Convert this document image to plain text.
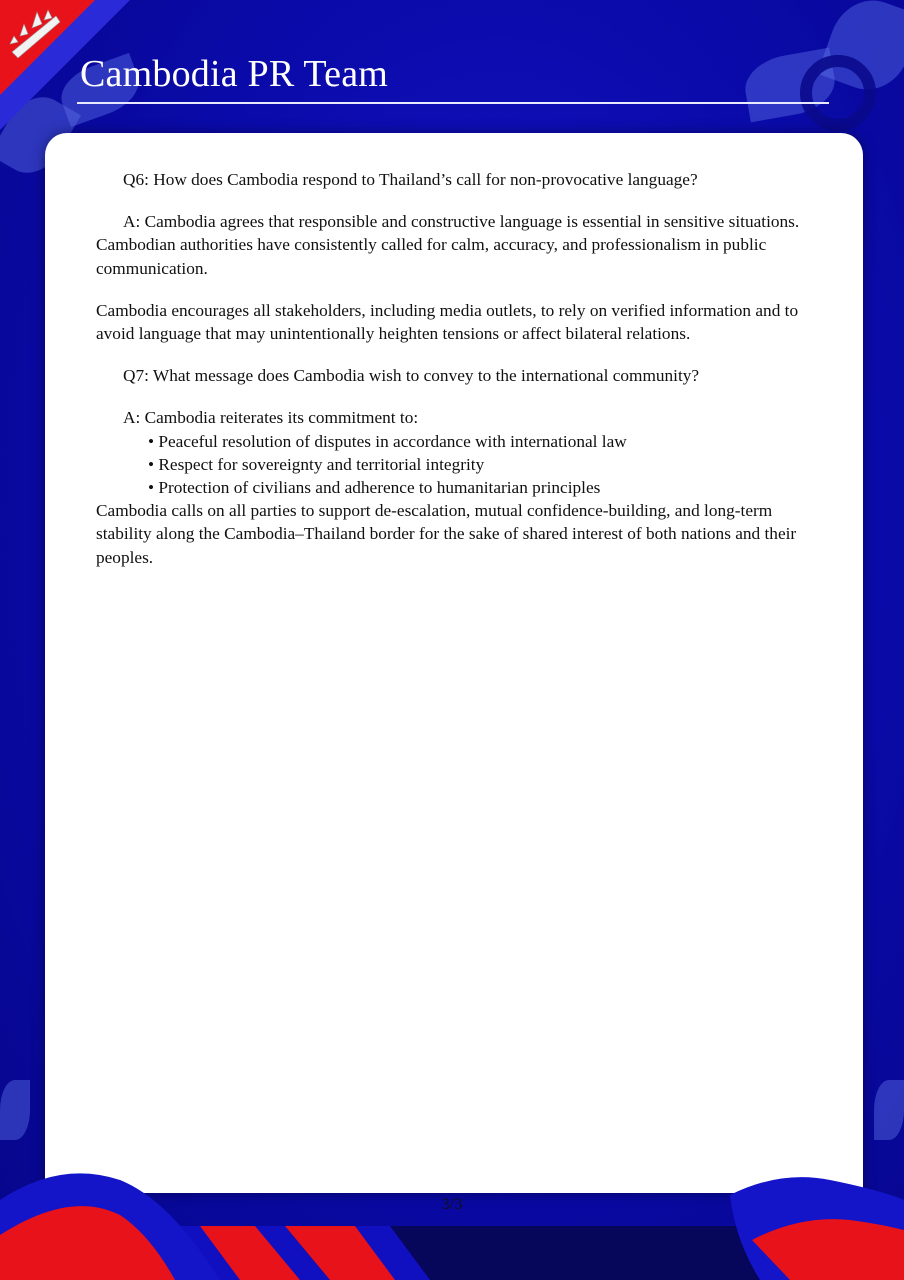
Cambodia PR Team

Q6: How does Cambodia respond to Thailand’s call for non-provocative language?

A: Cambodia agrees that responsible and constructive language is essential in sensitive situations. Cambodian authorities have consistently called for calm, accuracy, and professionalism in public communication.

Cambodia encourages all stakeholders, including media outlets, to rely on verified information and to avoid language that may unintentionally heighten tensions or affect bilateral relations.

Q7: What message does Cambodia wish to convey to the international community?

A: Cambodia reiterates its commitment to:

• Peaceful resolution of disputes in accordance with international law

• Respect for sovereignty and territorial integrity

• Protection of civilians and adherence to humanitarian principles

Cambodia calls on all parties to support de-escalation, mutual confidence-building, and long-term stability along the Cambodia–Thailand border for the sake of shared interest of both nations and their peoples.

3/3
